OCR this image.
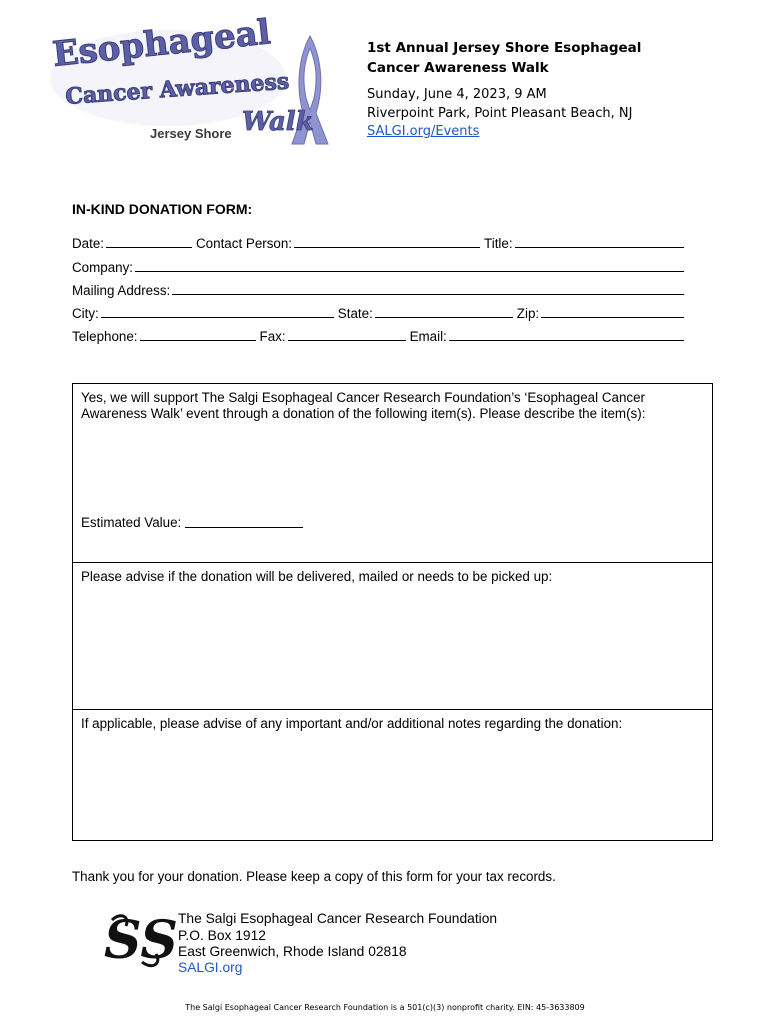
Esophageal
Cancer Awareness
Walk
Jersey Shore
1st Annual Jersey Shore Esophageal Cancer Awareness Walk
Sunday, June 4, 2023, 9 AM
Riverpoint Park, Point Pleasant Beach, NJ
SALGI.org/Events
IN-KIND DONATION FORM:
Date:	Contact Person:	Title:
Company:
Mailing Address:
City:	State:	Zip:
Telephone:	Fax:	Email:
Yes, we will support The Salgi Esophageal Cancer Research Foundation’s ‘Esophageal Cancer Awareness Walk’ event through a donation of the following item(s). Please describe the item(s):
Estimated Value:
Please advise if the donation will be delivered, mailed or needs to be picked up:
If applicable, please advise of any important and/or additional notes regarding the donation:
Thank you for your donation. Please keep a copy of this form for your tax records.
SS The Salgi Esophageal Cancer Research Foundation
P.O. Box 1912
East Greenwich, Rhode Island 02818
SALGI.org
The Salgi Esophageal Cancer Research Foundation is a 501(c)(3) nonprofit charity. EIN: 45-3633809
